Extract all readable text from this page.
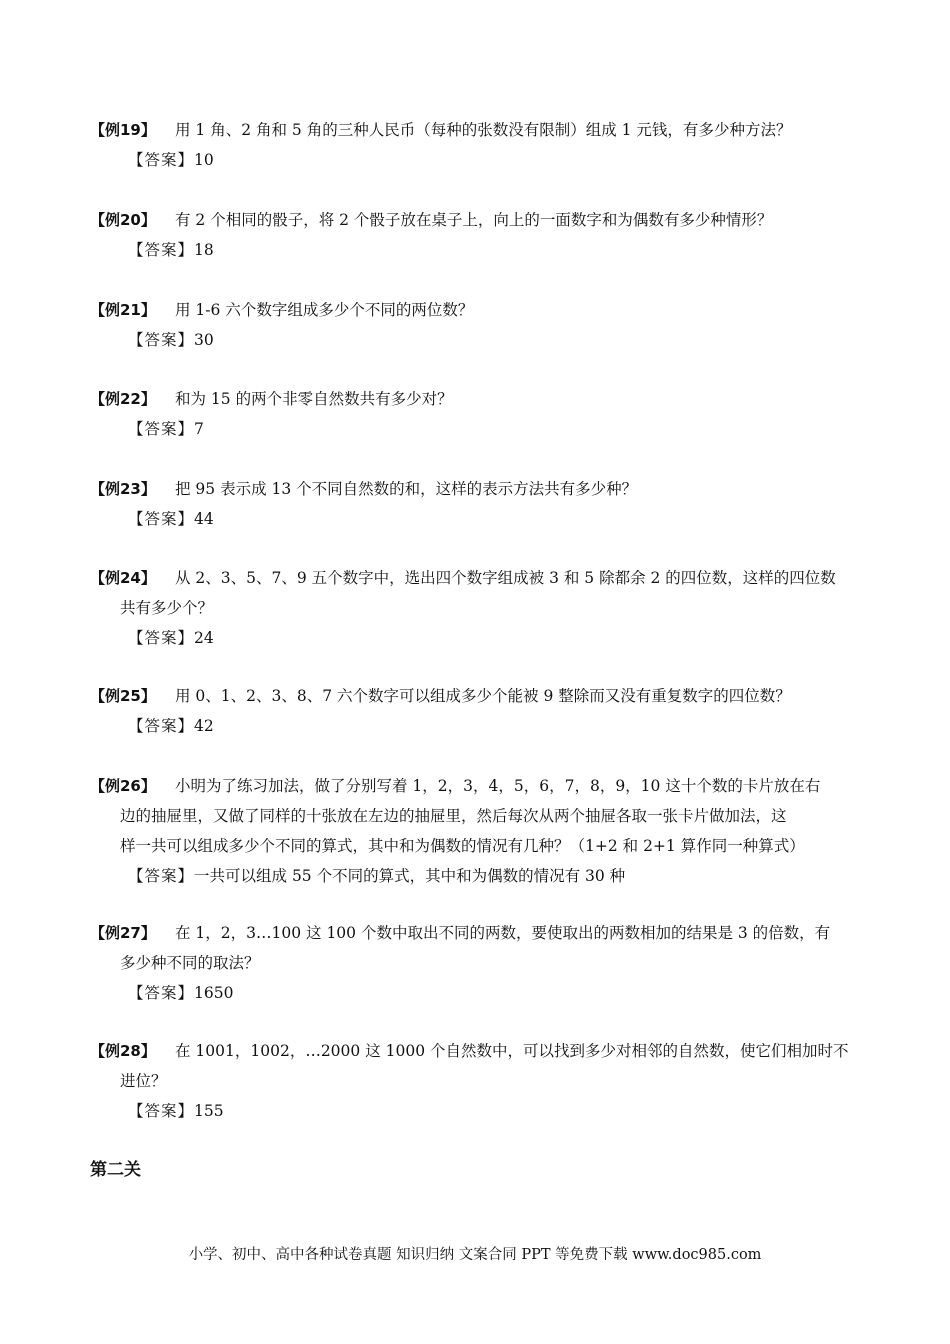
【例19】 用 1 角、2 角和 5 角的三种人民币（每种的张数没有限制）组成 1 元钱，有多少种方法？
【答案】10
【例20】 有 2 个相同的骰子，将 2 个骰子放在桌子上，向上的一面数字和为偶数有多少种情形？
【答案】18
【例21】 用 1-6 六个数字组成多少个不同的两位数？
【答案】30
【例22】 和为 15 的两个非零自然数共有多少对？
【答案】7
【例23】 把 95 表示成 13 个不同自然数的和，这样的表示方法共有多少种？
【答案】44
【例24】 从 2、3、5、7、9 五个数字中，选出四个数字组成被 3 和 5 除都余 2 的四位数，这样的四位数
共有多少个？
【答案】24
【例25】 用 0、1、2、3、8、7 六个数字可以组成多少个能被 9 整除而又没有重复数字的四位数？
【答案】42
【例26】 小明为了练习加法，做了分别写着 1，2，3，4，5，6，7，8，9，10 这十个数的卡片放在右
边的抽屉里，又做了同样的十张放在左边的抽屉里，然后每次从两个抽屉各取一张卡片做加法，这
样一共可以组成多少个不同的算式，其中和为偶数的情况有几种？（1+2 和 2+1 算作同一种算式）
【答案】一共可以组成 55 个不同的算式，其中和为偶数的情况有 30 种
【例27】 在 1，2，3…100 这 100 个数中取出不同的两数，要使取出的两数相加的结果是 3 的倍数，有
多少种不同的取法？
【答案】1650
【例28】 在 1001，1002，…2000 这 1000 个自然数中，可以找到多少对相邻的自然数，使它们相加时不
进位？
【答案】155
第二关
小学、初中、高中各种试卷真题 知识归纳 文案合同 PPT 等免费下载 www.doc985.com
